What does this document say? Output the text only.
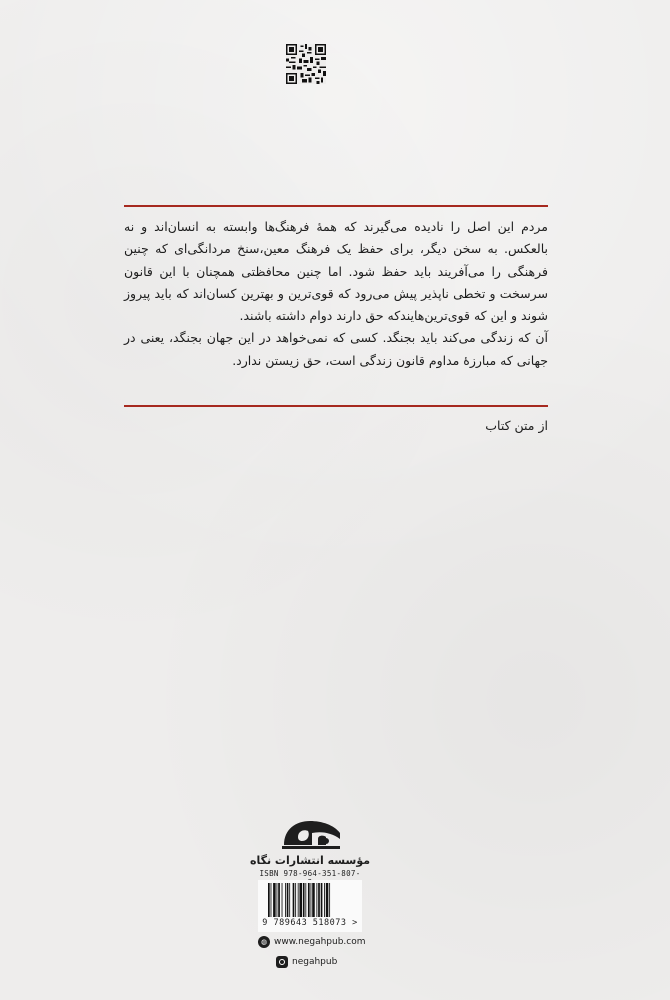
مردم این اصل را نادیده می‌گیرند که همهٔ فرهنگ‌ها وابسته به انسان‌اند و نه بالعکس. به سخن دیگر، برای حفظ یک فرهنگ معین،سنخ مردانگی‌ای که چنین فرهنگی را می‌آفریند باید حفظ شود. اما چنین محافظتی همچنان با این قانون سرسخت و تخطی ناپذیر پیش می‌رود که قوی‌ترین و بهترین کسان‌اند که باید پیروز شوند و این که قوی‌ترین‌هایندکه حق دارند دوام داشته باشند.

آن که زندگی می‌کند باید بجنگد. کسی که نمی‌خواهد در این جهان بجنگد، یعنی در جهانی که مبارزهٔ مداوم قانون زندگی است، حق زیستن ندارد.

از متن کتاب
مؤسسه انتشارات نگاه
ISBN 978-964-351-807-
9 789643 518073 >
◍ www.negahpub.com
negahpub
